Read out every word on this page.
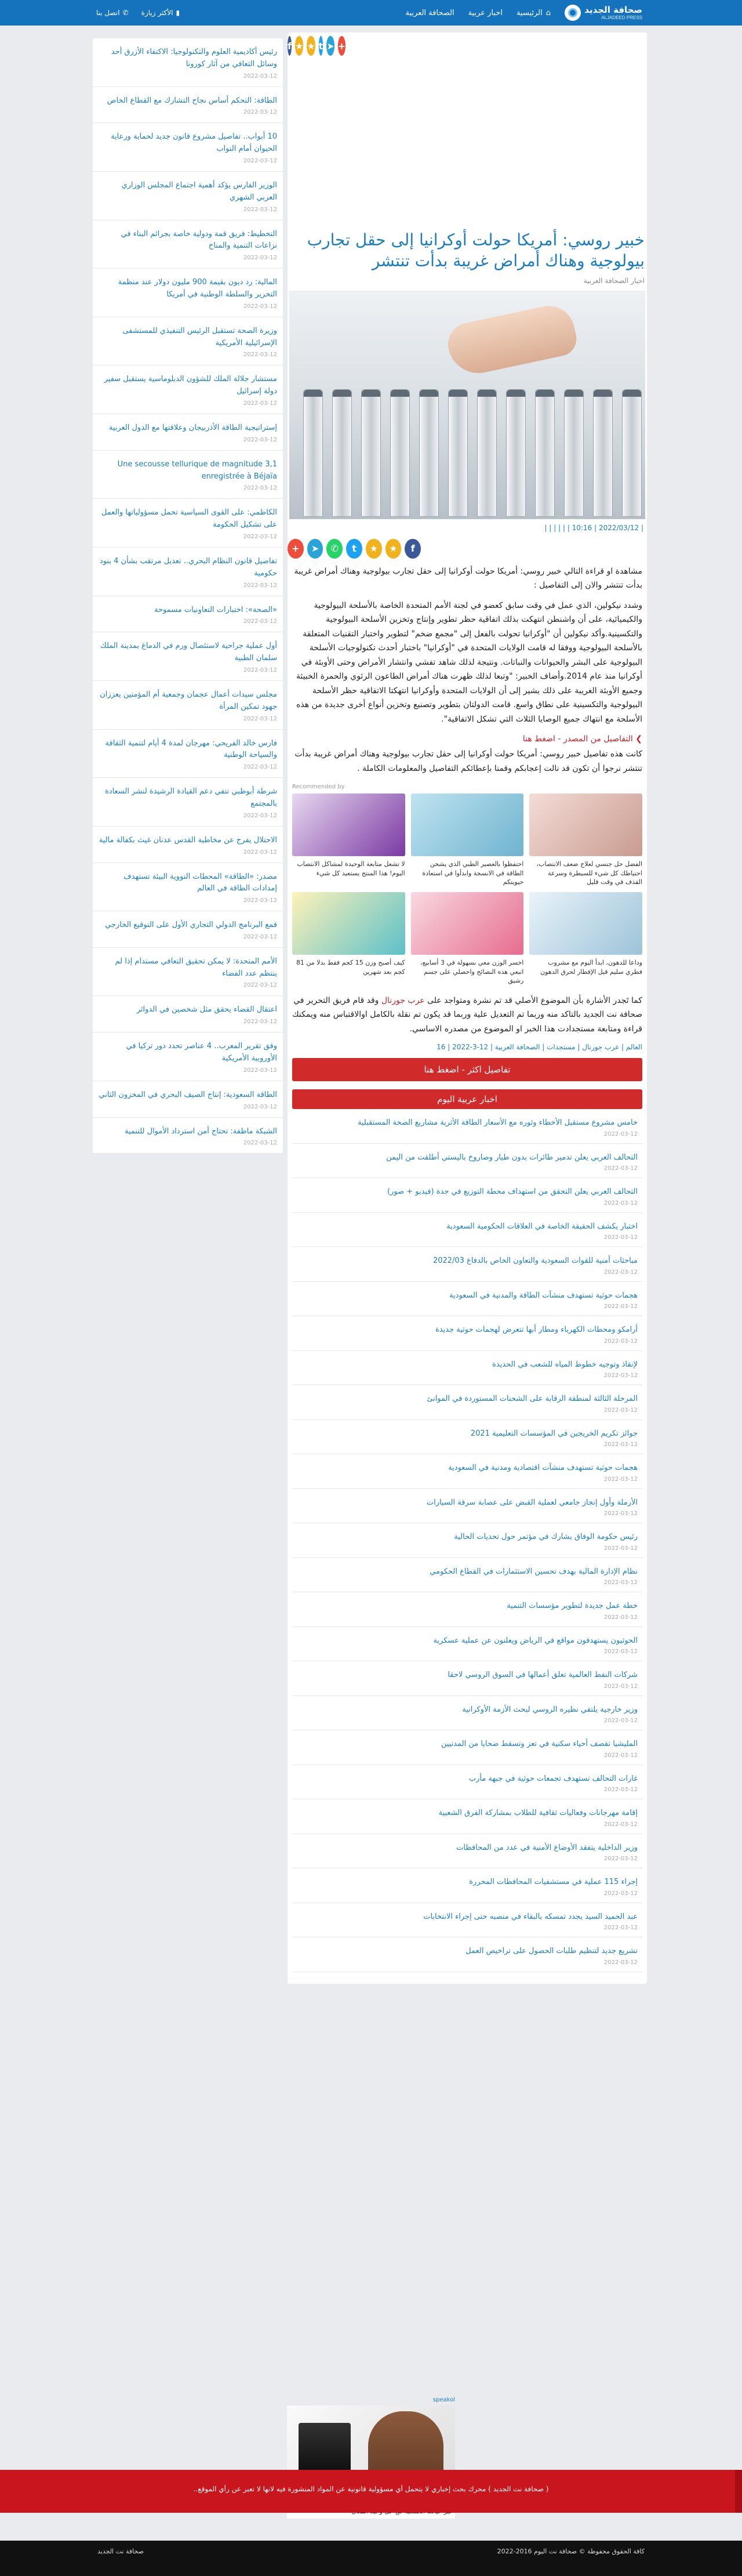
صحافة الجديد
ALJADEED PRESS
⌂
الرئيسية
اخبار عربية
الصحافة العربية
▮
الأكثر زيارة
✆
اتصل بنا
f ★ ★ t ➤ +
خبير روسي: أمريكا حولت أوكرانيا إلى حقل تجارب بيولوجية وهناك أمراض غريبة بدأت تنتشر
اخبار الصحافة العربية
| 2022/03/12 | 10:16 | | | | | |
+	➤	✆	t	★	★	f

مشاهدة او قراءة التالي خبير روسي: أمريكا حولت أوكرانيا إلى حقل تجارب بيولوجية وهناك أمراض غريبة بدأت تنتشر والان إلى التفاصيل :

وشدد نيكولين، الذي عمل في وقت سابق كعضو في لجنة الأمم المتحدة الخاصة بالأسلحة البيولوجية والكيميائية، على أن واشنطن انتهكت بذلك اتفاقية حظر تطوير وإنتاج وتخزين الأسلحة البيولوجية والتكسينية.وأكد نيكولين أن "أوكرانيا تحولت بالفعل إلى "مجمع ضخم" لتطوير واختبار التقنيات المتعلقة بالأسلحة البيولوجية ووفقا له قامت الولايات المتحدة في "أوكرانيا" باختبار أحدث تكنولوجيات الأسلحة البيولوجية على البشر والحيوانات والنباتات. ونتيجة لذلك شاهد تفشي وانتشار الأمراض وحتى الأوبئة في أوكرانيا منذ عام 2014.وأضاف الخبير: "وتبعا لذلك ظهرت هناك أمراض الطاعون الرئوي والحمرة الخبيثة وجميع الأوبئة الغريبة على ذلك يشير إلى أن الولايات المتحدة وأوكرانيا انتهكتا الاتفاقية حظر الأسلحة البيولوجية والتكسينية على نطاق واسع. قامت الدولتان بتطوير وتصنيع وتخزين أنواع أخرى جديدة من هذه الأسلحة مع انتهاك جميع الوصايا الثلاث التي تشكل الاتفاقية".

❯ التفاصيل من المصدر - اضغط هنا

كانت هذه تفاصيل خبير روسي: أمريكا حولت أوكرانيا إلى حقل تجارب بيولوجية وهناك أمراض غريبة بدأت تنتشر نرجوا أن تكون قد نالت إعجابكم وقمنا بإعطائكم التفاصيل والمعلومات الكاملة .

Recommended by
الفضل حل جنسي لعلاج ضعف الانتصاب، احتياطك كل شيء للسيطرة وسرعة القذف في وقت قليل
احتفظوا بالعصير الطبي الذي يشحن الطاقة في الانسجة وابدأوا في استعادة حيويتكم
لا تشعل متابعة الوحيدة لمشاكل الانتصاب اليوم! هذا المنتج يستعيد كل شيء
وداعا للدهون، ابدأ اليوم مع مشروب فطري سليم قبل الإفطار لحرق الدهون
اخسر الوزن معي بسهولة في 3 أسابيع، اتبعي هذه النصائح واحصلي على جسم رشيق
كيف أصبح وزن 15 كجم فقط بدلا من 81 كجم بعد شهرين

كما تَجدر الأشارة بأن الموضوع الأصلي قد تم نشرة ومتواجد على عرب جورنال وقد قام فريق التحرير في صحافة نت الجديد بالتاكد منه وربما تم التعديل علية وربما قد يكون تم نقلة بالكامل اوالاقتباس منه ويمكنك قراءة ومتابعة مستجدادت هذا الخبر او الموضوع من مصدره الاساسي.

العالم | عرب جورنال | مستجدات | الصحافة العربية | 12-3-2022 | 16
تفاصيل اكثر - اضغط هنا
اخبار عربية اليوم
خامس مشروع مستقبل الأخطاء وثوره مع الأسعار الطاقة الأثرية مشاريع الصحة المستقبلية
2022-03-12
التحالف العربي يعلن تدمير طائرات بدون طيار وصاروخ باليستي أطلقت من اليمن
2022-03-12
التحالف العربي يعلن التحقق من استهداف محطة التوزيع في جدة (فيديو + صور)
2022-03-12
اختبار يكشف الحقيقة الخاصة في العلاقات الحكومية السعودية
2022-03-12
مباحثات أمنية للقوات السعودية والتعاون الخاص بالدفاع 2022/03
2022-03-12
هجمات حوثية تستهدف منشآت الطاقة والمدنية في السعودية
2022-03-12
أرامكو ومحطات الكهرباء ومطار أبها تتعرض لهجمات حوثية جديدة
2022-03-12
لإنقاذ وتوجيه خطوط المياه للشعب في الحديدة
2022-03-12
المرحلة الثالثة لمنطقة الرقابة على الشحنات المستوردة في الموانئ
2022-03-12
جوائز تكريم الخريجين في المؤسسات التعليمية 2021
2022-03-12
هجمات حوثية تستهدف منشآت اقتصادية ومدنية في السعودية
2022-03-12
الأرملة وأول إنجاز جامعي لعملية القبض على عصابة سرقة السيارات
2022-03-12
رئيس حكومة الوفاق يشارك في مؤتمر حول تحديات الحالية
2022-03-12
نظام الإدارة المالية بهدف تحسين الاستثمارات في القطاع الحكومي
2022-03-12
خطة عمل جديدة لتطوير مؤسسات التنمية
2022-03-12
الحوثيون يستهدفون مواقع في الرياض ويعلنون عن عملية عسكرية
2022-03-12
شركات النفط العالمية تعلق أعمالها في السوق الروسي لاحقا
2022-03-12
وزير خارجية يلتقي نظيره الروسي لبحث الأزمة الأوكرانية
2022-03-12
المليشيا تقصف أحياء سكنية في تعز وتسقط ضحايا من المدنيين
2022-03-12
غارات التحالف تستهدف تجمعات حوثية في جبهة مأرب
2022-03-12
إقامة مهرجانات وفعاليات ثقافية للطلاب بمشاركة الفرق الشعبية
2022-03-12
وزير الداخلية يتفقد الأوضاع الأمنية في عدد من المحافظات
2022-03-12
إجراء 115 عملية في مستشفيات المحافظات المحررة
2022-03-12
عبد الحميد السيد يجدد تمسكه بالبقاء في منصبه حتى إجراء الانتخابات
2022-03-12
تشريع جديد لتنظيم طلبات الحصول على تراخيص العمل
2022-03-12
رئيس أكاديمية العلوم والتكنولوجيا: الاكتفاء الأزرق أحد وسائل التعافي من آثار كورونا
2022-03-12
الطاقة: التحكم أساس نجاح التشارك مع القطاع الخاص
2022-03-12
10 أبواب.. تفاصيل مشروع قانون جديد لحماية ورعاية الحيوان أمام النواب
2022-03-12
الوزير الفارس يؤكد أهمية اجتماع المجلس الوزاري العربي الشهري
2022-03-12
التخطيط: فريق قمة ودولية خاصة بجرائم البناء في نزاعات التنمية والمناخ
2022-03-12
المالية: رد ديون بقيمة 900 مليون دولار عند منظمة التحرير والسلطة الوطنية في أمريكا
2022-03-12
وزيرة الصحة تستقبل الرئيس التنفيذي للمستشفى الإسرائيلية الأمريكية
2022-03-12
مستشار جلالة الملك للشؤون الدبلوماسية يستقبل سفير دولة إسرائيل
2022-03-12
إستراتيجية الطاقة الأذربيجان وعلاقتها مع الدول العربية
2022-03-12
Une secousse tellurique de magnitude 3,1 enregistrée à Béjaïa
2022-03-12
الكاظمي: على القوى السياسية تحمل مسؤولياتها والعمل على تشكيل الحكومة
2022-03-12
تفاصيل قانون النظام البحري.. تعديل مرتقب بشأن 4 بنود حكومية
2022-03-12
«الصحة»: اختبارات التعاونيات مسموحة
2022-03-12
أول عملية جراحية لاستئصال ورم في الدماغ بمدينة الملك سلمان الطبية
2022-03-12
مجلس سيدات أعمال عجمان وجمعية أم المؤمنين يعززان جهود تمكين المرأة
2022-03-12
فارس خالد الفريحي: مهرجان لمدة 4 أيام لتنمية الثقافة والسياحة الوطنية
2022-03-12
شرطة أبوظبي تنفي دعم القيادة الرشيدة لنشر السعادة بالمجتمع
2022-03-12
الاحتلال يفرج عن مخاطبة القدس عدنان غيث بكفالة مالية
2022-03-12
مصدر: «الطاقة» المحطات النووية البيئة تستهدف إمدادات الطاقة في العالم
2022-03-12
قمع البرنامج الدولي التجاري الأول على التوقيع الخارجي
2022-03-12
الأمم المتحدة: لا يمكن تحقيق التعافي مستدام إذا لم ينتظم عدد الفضاء
2022-03-12
اعتقال القضاء يحقق مثل شخصين في الدوائر
2022-03-12
وفق تقرير المعرب.. 4 عناصر تحدد دور تركيا في الأوروبية الأمريكية
2022-03-12
الطاقة السعودية: إنتاج الصيف البحري في المخزون الثاني
2022-03-12
الشبكة ماظفة: تحتاج أمن استرداد الأموال للتنمية
2022-03-12
speakol
( صحافة نت الجديد ) محرك بحث إخباري لا يتحمل أي مسؤولية قانونية عن المواد المنشورة فيه لانها لا تعبر عن رأي الموقع..
كافة الحقوق محفوظة © صحافة نت اليوم 2016-2022
صحافة نت الجديد
